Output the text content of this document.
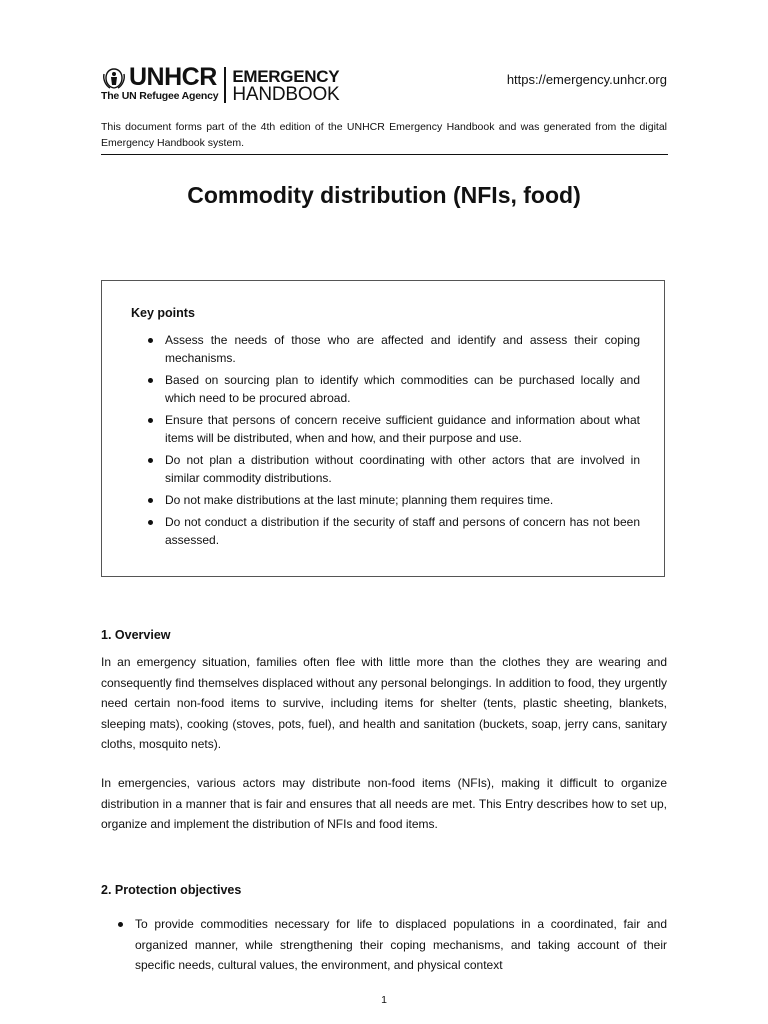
UNHCR
The UN Refugee Agency
EMERGENCY
HANDBOOK
https://emergency.unhcr.org
This document forms part of the 4th edition of the UNHCR Emergency Handbook and was generated from the digital Emergency Handbook system.
Commodity distribution (NFIs, food)
Key points
Assess the needs of those who are affected and identify and assess their coping mechanisms.
Based on sourcing plan to identify which commodities can be purchased locally and which need to be procured abroad.
Ensure that persons of concern receive sufficient guidance and information about what items will be distributed, when and how, and their purpose and use.
Do not plan a distribution without coordinating with other actors that are involved in similar commodity distributions.
Do not make distributions at the last minute; planning them requires time.
Do not conduct a distribution if the security of staff and persons of concern has not been assessed.
1. Overview

In an emergency situation, families often flee with little more than the clothes they are wearing and consequently find themselves displaced without any personal belongings. In addition to food, they urgently need certain non-food items to survive, including items for shelter (tents, plastic sheeting, blankets, sleeping mats), cooking (stoves, pots, fuel), and health and sanitation (buckets, soap, jerry cans, sanitary cloths, mosquito nets).

In emergencies, various actors may distribute non-food items (NFIs), making it difficult to organize distribution in a manner that is fair and ensures that all needs are met. This Entry describes how to set up, organize and implement the distribution of NFIs and food items.

2. Protection objectives
To provide commodities necessary for life to displaced populations in a coordinated, fair and organized manner, while strengthening their coping mechanisms, and taking account of their specific needs, cultural values, the environment, and physical context
1
